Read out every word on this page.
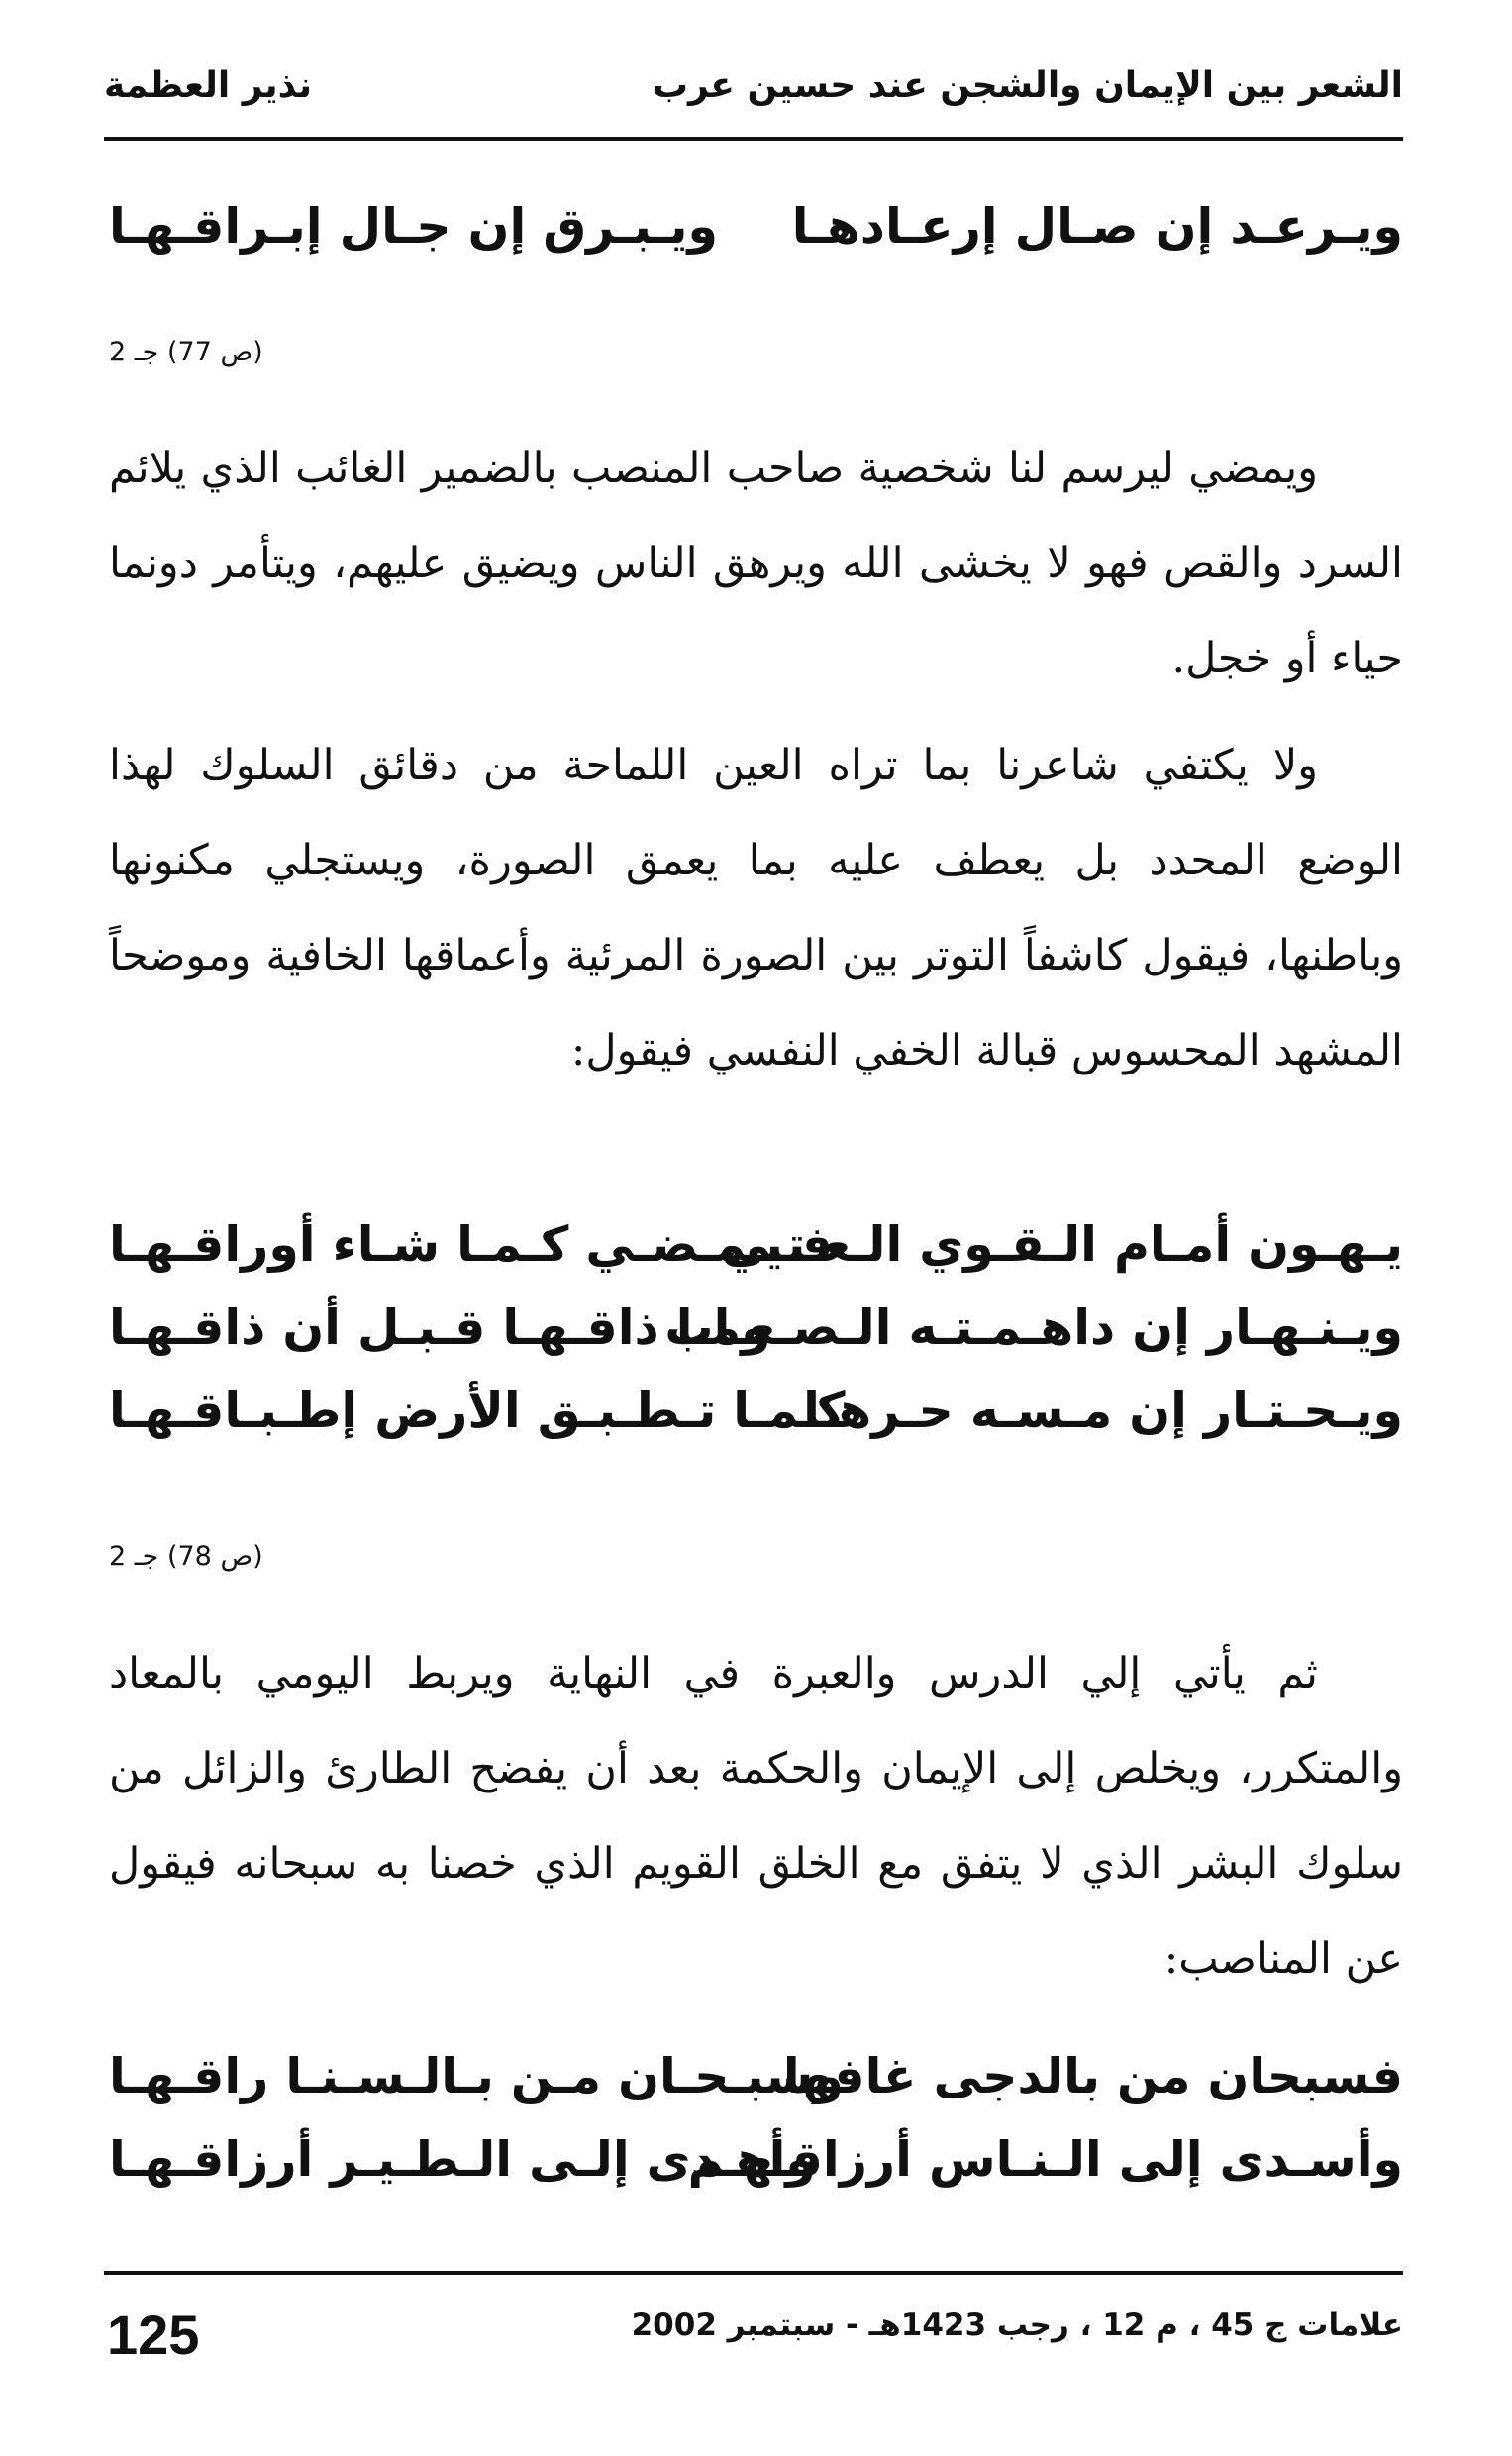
الشعر بين الإيمان والشجن عند حسين عرب
نذير العظمة
ويـرعـد إن صـال إرعـادهـا
ويـبـرق إن جـال إبـراقـهـا
(ص 77) جـ 2
ويمضي ليرسم لنا شخصية صاحب المنصب بالضمير الغائب الذي يلائم السرد والقص فهو لا يخشى الله ويرهق الناس ويضيق عليهم، ويتأمر دونما حياء أو خجل.
ولا يكتفي شاعرنا بما تراه العين اللماحة من دقائق السلوك لهذا الوضع المحدد بل يعطف عليه بما يعمق الصورة، ويستجلي مكنونها وباطنها، فيقول كاشفاً التوتر بين الصورة المرئية وأعماقها الخافية وموضحاً المشهد المحسوس قبالة الخفي النفسي فيقول:
يـهـون أمـام الـقـوي الـعـتـي
فـيـمـضـي كـمـا شـاء أوراقـهـا
ويـنـهـار إن داهـمـتـه الـصـعـاب
ومـا ذاقـهـا قـبـل أن ذاقـهـا
ويـحـتـار إن مـسـه حـرهـا
كـمـا تـطـبـق الأرض إطـبـاقـهـا
(ص 78) جـ 2
ثم يأتي إلي الدرس والعبرة في النهاية ويربط اليومي بالمعاد والمتكرر، ويخلص إلى الإيمان والحكمة بعد أن يفضح الطارئ والزائل من سلوك البشر الذي لا يتفق مع الخلق القويم الذي خصنا به سبحانه فيقول عن المناصب:
فسبحان من بالدجى غافها
وسبـحـان مـن بـالـسـنـا راقـهـا
وأسـدى إلى الـنـاس أرزاقـهـم
وأهـدى إلـى الـطـيـر أرزاقـهـا
125	علامات ج 45 ، م 12 ، رجب 1423هـ - سبتمبر 2002
